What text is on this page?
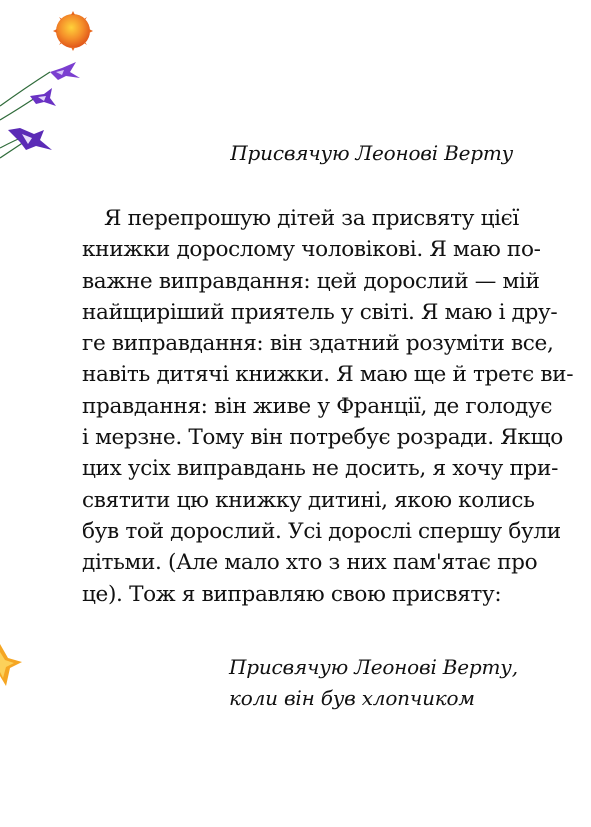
Присвячую Леонові Верту
Я перепрошую дітей за присвяту цієї
книжки дорослому чоловікові. Я маю по-
важне виправдання: цей дорослий — мій
найщиріший приятель у світі. Я маю і дру-
ге виправдання: він здатний розуміти все,
навіть дитячі книжки. Я маю ще й третє ви-
правдання: він живе у Франції, де голодує
і мерзне. Тому він потребує розради. Якщо
цих усіх виправдань не досить, я хочу при-
святити цю книжку дитині, якою колись
був той дорослий. Усі дорослі спершу були
дітьми. (Але мало хто з них пам'ятає про
це). Тож я виправляю свою присвяту:
Присвячую Леонові Верту,
коли він був хлопчиком
